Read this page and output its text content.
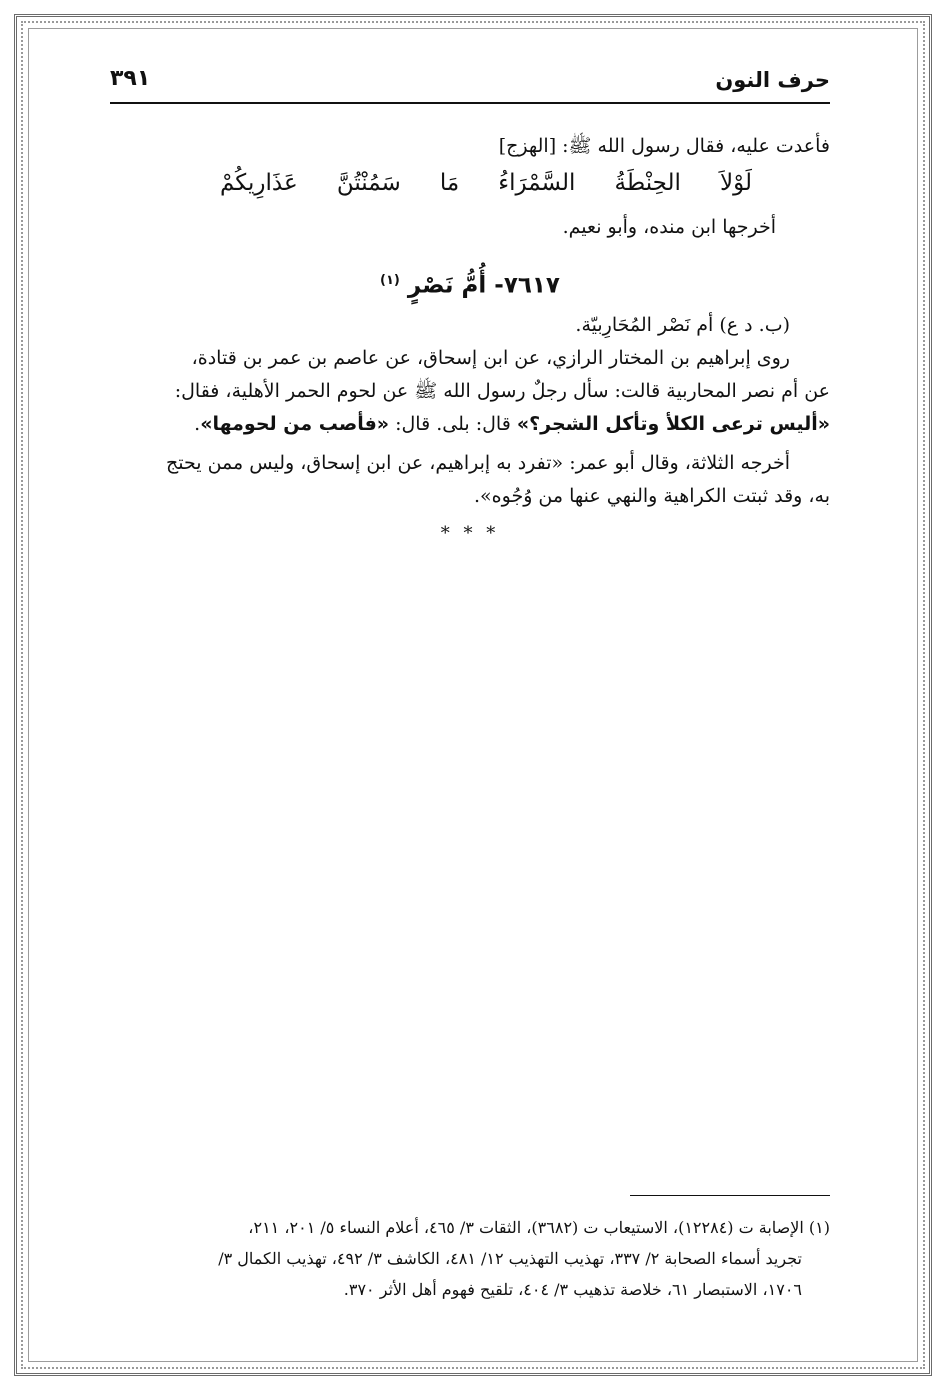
حرف النون
٣٩١
فأعدت عليه، فقال رسول الله ﷺ: [الهزج]
لَوْلاَ
الحِنْطَةُ
السَّمْرَاءُ
مَا
سَمُنْتُنَّ
عَذَارِيكُمْ
أخرجها ابن منده، وأبو نعيم.
٧٦١٧- أُمُّ نَصْرٍ $^{(١)}$
(ب. د ع) أم نَصْر المُحَارِبيّة.
روى إبراهيم بن المختار الرازي، عن ابن إسحاق، عن عاصم بن عمر بن قتادة،
عن أم نصر المحاربية قالت: سأل رجلٌ رسول الله ﷺ عن لحوم الحمر الأهلية، فقال:
«أليس ترعى الكلأ وتأكل الشجر؟» قال: بلى. قال: «فأصب من لحومها».
أخرجه الثلاثة، وقال أبو عمر: «تفرد به إبراهيم، عن ابن إسحاق، وليس ممن يحتج
به، وقد ثبتت الكراهية والنهي عنها من وُجُوه».
* * *
(١) الإصابة ت (١٢٢٨٤)، الاستيعاب ت (٣٦٨٢)، الثقات ٣/ ٤٦٥، أعلام النساء ٥/ ٢٠١، ٢١١،
تجريد أسماء الصحابة ٢/ ٣٣٧، تهذيب التهذيب ١٢/ ٤٨١، الكاشف ٣/ ٤٩٢، تهذيب الكمال ٣/
١٧٠٦، الاستبصار ٦١، خلاصة تذهيب ٣/ ٤٠٤، تلقيح فهوم أهل الأثر ٣٧٠.
